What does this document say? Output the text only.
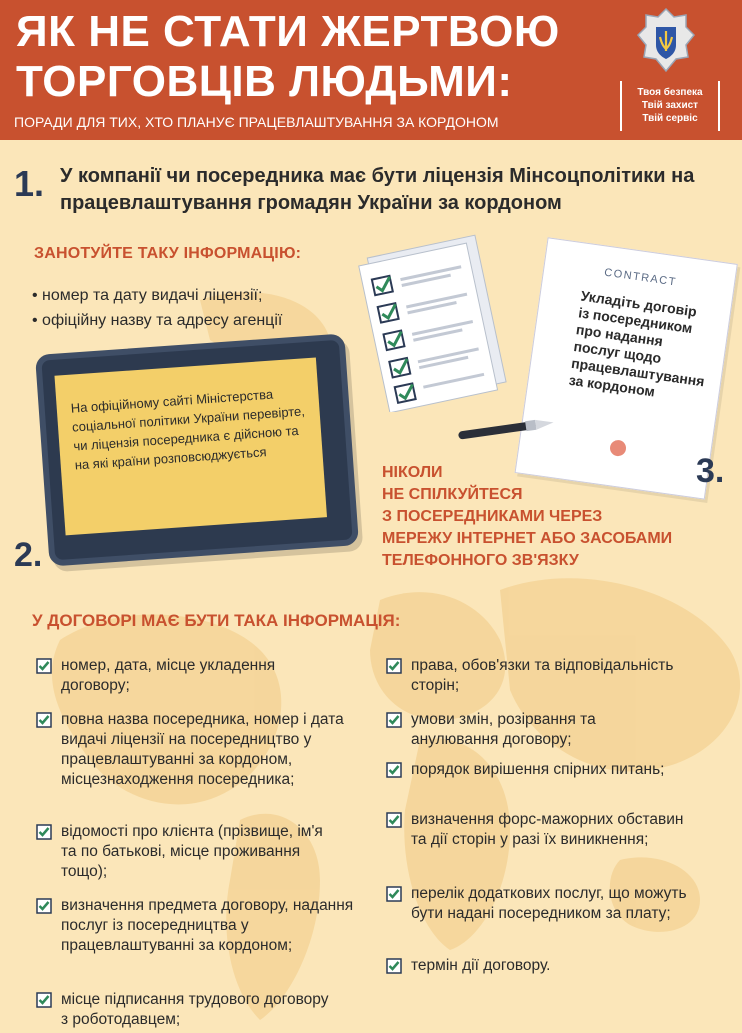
ЯК НЕ СТАТИ ЖЕРТВОЮ
ТОРГОВЦІВ ЛЮДЬМИ:
ПОРАДИ ДЛЯ ТИХ, ХТО ПЛАНУЄ ПРАЦЕВЛАШТУВАННЯ ЗА КОРДОНОМ
Твоя безпека
Твій захист
Твій сервіс
1. У компанії чи посередника має бути ліцензія Мінсоцполітики на працевлаштування громадян України за кордоном
ЗАНОТУЙТЕ ТАКУ ІНФОРМАЦІЮ:
• номер та дату видачі ліцензії;
• офіційну назву та адресу агенції
CONTRACT
Укладіть договір із посередником про надання послуг щодо працевлаштування за кордоном
3.
На офіційному сайті Міністерства соціальної політики України перевірте, чи ліцензія посередника є дійсною та на які країни розповсюджується
2.
НІКОЛИ
НЕ СПІЛКУЙТЕСЯ
З ПОСЕРЕДНИКАМИ ЧЕРЕЗ
МЕРЕЖУ ІНТЕРНЕТ АБО ЗАСОБАМИ
ТЕЛЕФОННОГО ЗВ'ЯЗКУ
У ДОГОВОРІ МАЄ БУТИ ТАКА ІНФОРМАЦІЯ:
номер, дата, місце укладення договору;
повна назва посередника, номер і дата видачі ліцензії на посередництво у працевлаштуванні за кордоном, місцезнаходження посередника;
відомості про клієнта (прізвище, ім'я та по батькові, місце проживання тощо);
визначення предмета договору, надання послуг із посередництва у працевлаштуванні за кордоном;
місце підписання трудового договору з роботодавцем;
права, обов'язки та відповідальність сторін;
умови змін, розірвання та анулювання договору;
порядок вирішення спірних питань;
визначення форс-мажорних обставин та дії сторін у разі їх виникнення;
перелік додаткових послуг, що можуть бути надані посередником за плату;
термін дії договору.
